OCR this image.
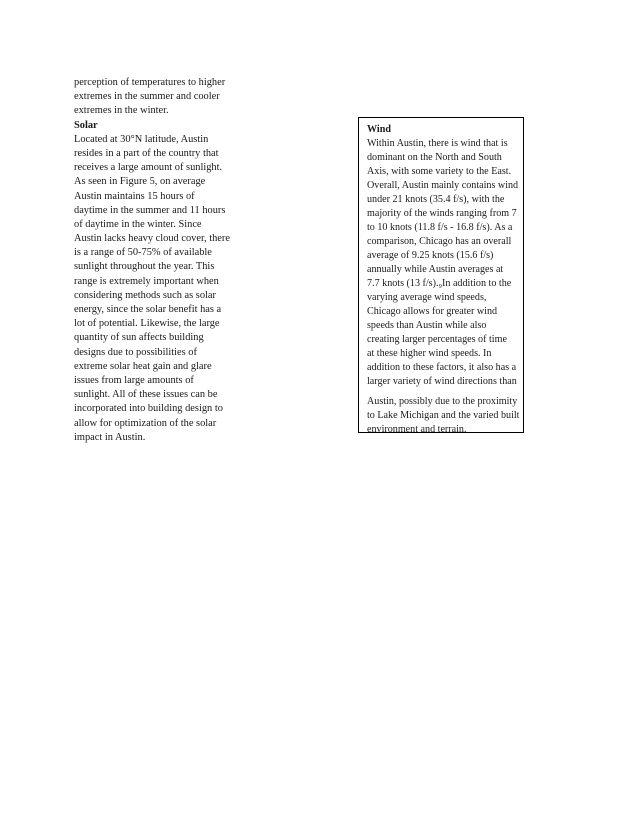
perception of temperatures to higher
extremes in the summer and cooler
extremes in the winter.
Solar
Located at 30°N latitude, Austin
resides in a part of the country that
receives a large amount of sunlight.
As seen in Figure 5, on average
Austin maintains 15 hours of
daytime in the summer and 11 hours
of daytime in the winter. Since
Austin lacks heavy cloud cover, there
is a range of 50-75% of available
sunlight throughout the year. This
range is extremely important when
considering methods such as solar
energy, since the solar benefit has a
lot of potential. Likewise, the large
quantity of sun affects building
designs due to possibilities of
extreme solar heat gain and glare
issues from large amounts of
sunlight. All of these issues can be
incorporated into building design to
allow for optimization of the solar
impact in Austin.
Wind
Within Austin, there is wind that is
dominant on the North and South
Axis, with some variety to the East.
Overall, Austin mainly contains wind
under 21 knots (35.4 f/s), with the
majority of the winds ranging from 7
to 10 knots (11.8 f/s - 16.8 f/s). As a
comparison, Chicago has an overall
average of 9.25 knots (15.6 f/s)
annually while Austin averages at
7.7 knots (13 f/s).₉In addition to the
varying average wind speeds,
Chicago allows for greater wind
speeds than Austin while also
creating larger percentages of time
at these higher wind speeds. In
addition to these factors, it also has a
larger variety of wind directions than
Austin, possibly due to the proximity
to Lake Michigan and the varied built
environment and terrain.
